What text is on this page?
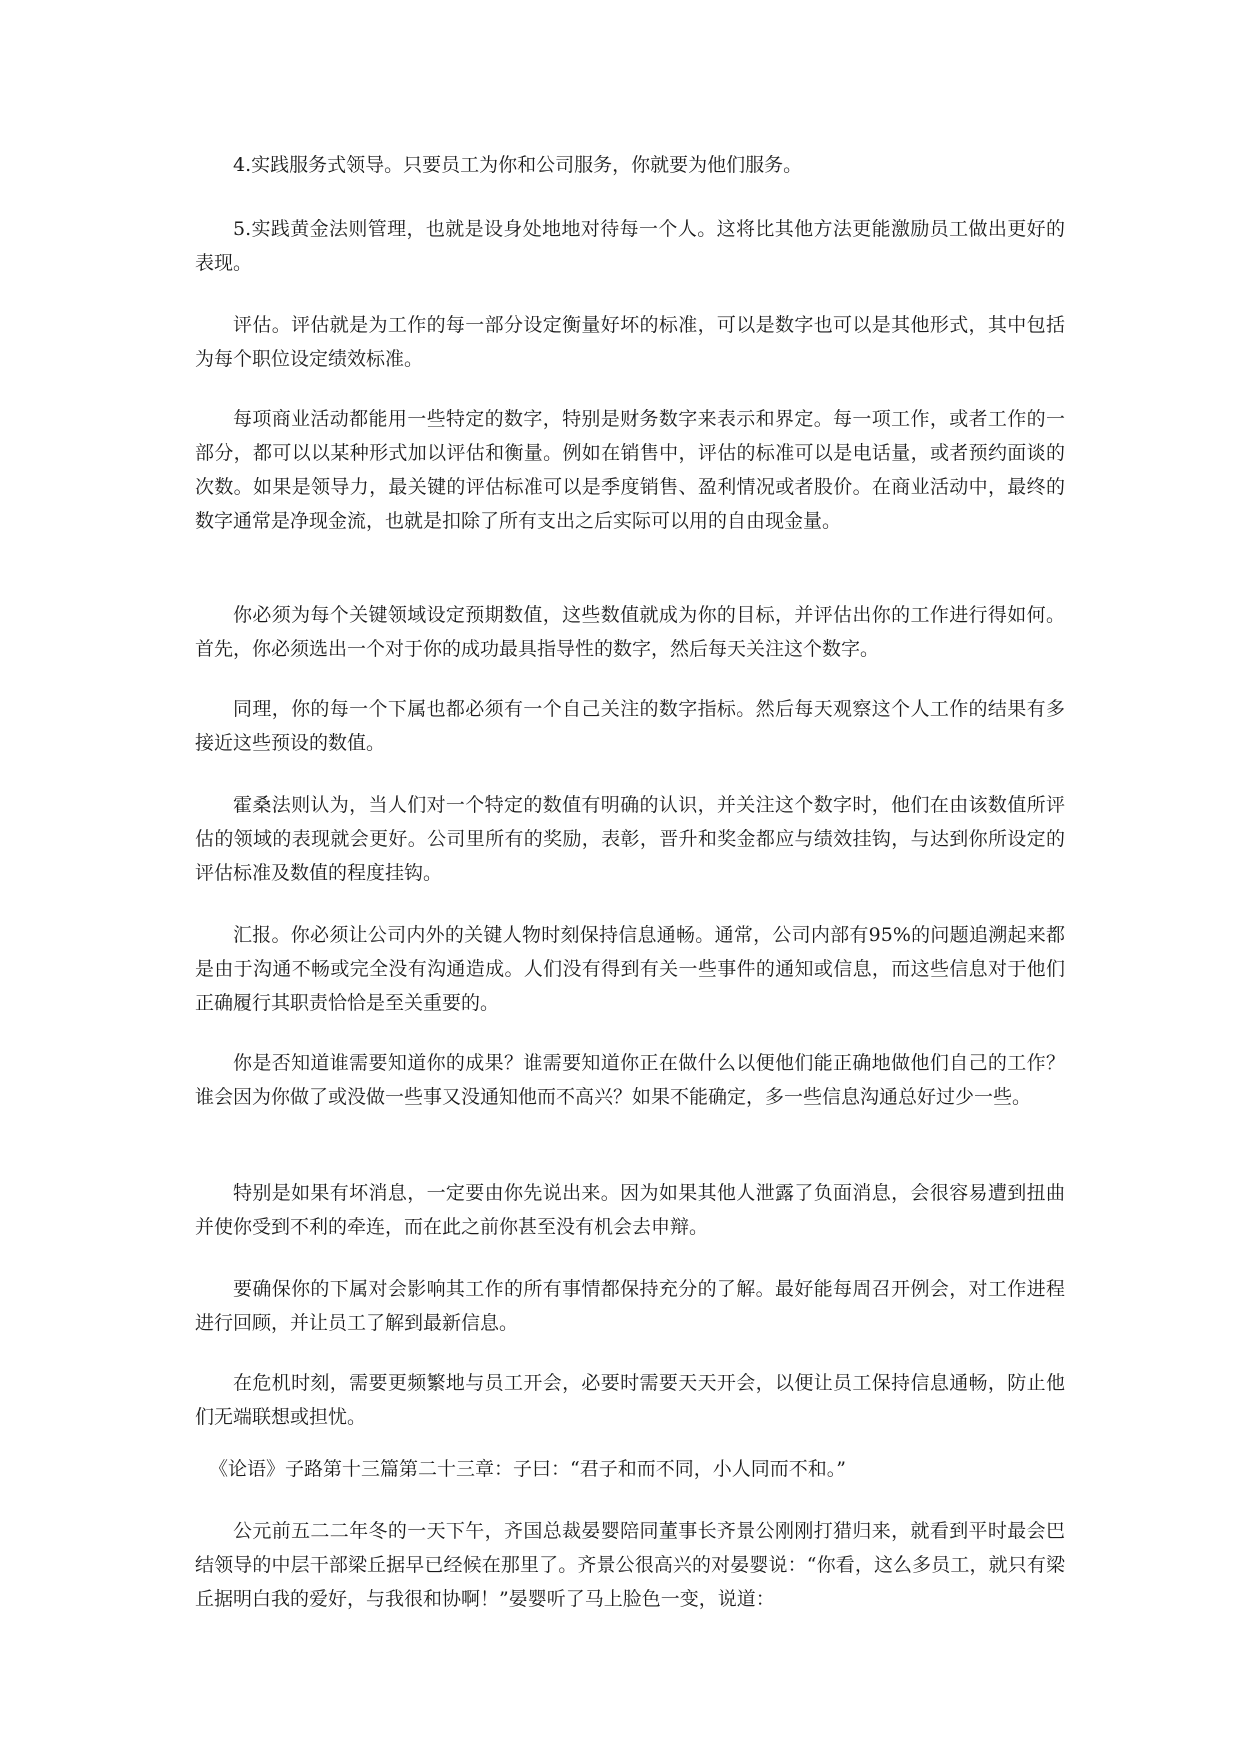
4.实践服务式领导。只要员工为你和公司服务，你就要为他们服务。

5.实践黄金法则管理，也就是设身处地地对待每一个人。这将比其他方法更能激励员工做出更好的表现。

评估。评估就是为工作的每一部分设定衡量好坏的标准，可以是数字也可以是其他形式，其中包括为每个职位设定绩效标准。

每项商业活动都能用一些特定的数字，特别是财务数字来表示和界定。每一项工作，或者工作的一部分，都可以以某种形式加以评估和衡量。例如在销售中，评估的标准可以是电话量，或者预约面谈的次数。如果是领导力，最关键的评估标准可以是季度销售、盈利情况或者股价。在商业活动中，最终的数字通常是净现金流，也就是扣除了所有支出之后实际可以用的自由现金量。

你必须为每个关键领域设定预期数值，这些数值就成为你的目标，并评估出你的工作进行得如何。首先，你必须选出一个对于你的成功最具指导性的数字，然后每天关注这个数字。

同理，你的每一个下属也都必须有一个自己关注的数字指标。然后每天观察这个人工作的结果有多接近这些预设的数值。

霍桑法则认为，当人们对一个特定的数值有明确的认识，并关注这个数字时，他们在由该数值所评估的领域的表现就会更好。公司里所有的奖励，表彰，晋升和奖金都应与绩效挂钩，与达到你所设定的评估标准及数值的程度挂钩。

汇报。你必须让公司内外的关键人物时刻保持信息通畅。通常，公司内部有95%的问题追溯起来都是由于沟通不畅或完全没有沟通造成。人们没有得到有关一些事件的通知或信息，而这些信息对于他们正确履行其职责恰恰是至关重要的。

你是否知道谁需要知道你的成果？谁需要知道你正在做什么以便他们能正确地做他们自己的工作？谁会因为你做了或没做一些事又没通知他而不高兴？如果不能确定，多一些信息沟通总好过少一些。

特别是如果有坏消息，一定要由你先说出来。因为如果其他人泄露了负面消息，会很容易遭到扭曲并使你受到不利的牵连，而在此之前你甚至没有机会去申辩。

要确保你的下属对会影响其工作的所有事情都保持充分的了解。最好能每周召开例会，对工作进程进行回顾，并让员工了解到最新信息。

在危机时刻，需要更频繁地与员工开会，必要时需要天天开会，以便让员工保持信息通畅，防止他们无端联想或担忧。

《论语》子路第十三篇第二十三章：子曰：“君子和而不同，小人同而不和。”

公元前五二二年冬的一天下午，齐国总裁晏婴陪同董事长齐景公刚刚打猎归来，就看到平时最会巴结领导的中层干部梁丘据早已经候在那里了。齐景公很高兴的对晏婴说：“你看，这么多员工，就只有梁丘据明白我的爱好，与我很和协啊！”晏婴听了马上脸色一变，说道：
